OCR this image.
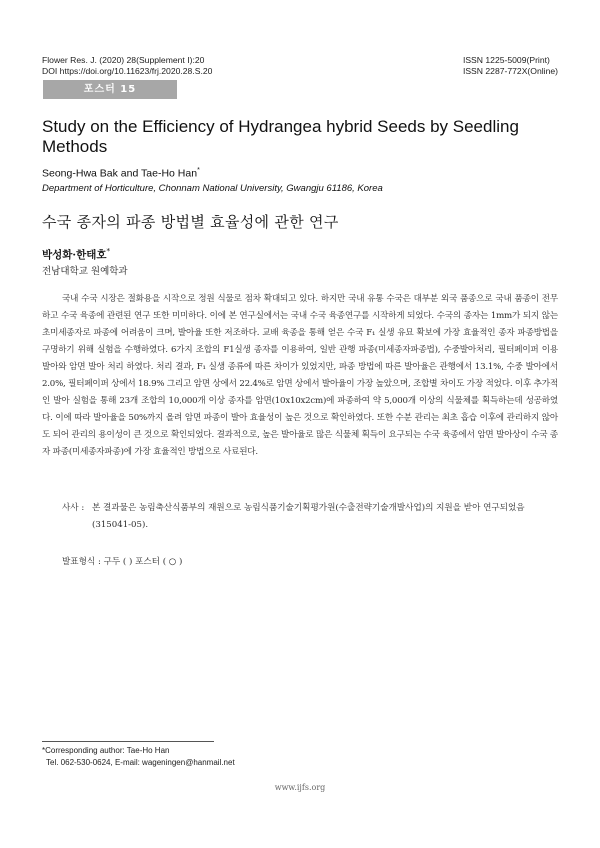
Flower Res. J. (2020) 28(Supplement I):20
DOI https://doi.org/10.11623/frj.2020.28.S.20
ISSN 1225-5009(Print)
ISSN 2287-772X(Online)
포스터 15
Study on the Efficiency of Hydrangea hybrid Seeds by Seedling Methods
Seong-Hwa Bak and Tae-Ho Han*
Department of Horticulture, Chonnam National University, Gwangju 61186, Korea
수국 종자의 파종 방법별 효율성에 관한 연구
박성화·한태호*
전남대학교 원예학과

국내 수국 시장은 절화용을 시작으로 정원 식물로 점차 확대되고 있다. 하지만 국내 유통 수국은 대부분 외국 품종으로 국내 품종이 전무하고 수국 육종에 관련된 연구 또한 미미하다. 이에 본 연구실에서는 국내 수국 육종연구를 시작하게 되었다. 수국의 종자는 1mm가 되지 않는 초미세종자로 파종에 어려움이 크며, 발아율 또한 저조하다. 교배 육종을 통해 얻은 수국 F₁ 실생 유묘 확보에 가장 효율적인 종자 파종방법을 구명하기 위해 실험을 수행하였다. 6가지 조합의 F1실생 종자를 이용하여, 일반 관행 파종(미세종자파종법), 수중발아처리, 필터페이퍼 이용 발아와 암면 발아 처리 하였다. 처리 결과, F₁ 실생 종류에 따른 차이가 있었지만, 파종 방법에 따른 발아율은 관행에서 13.1%, 수중 발아에서 2.0%, 필터페이퍼 상에서 18.9% 그리고 암면 상에서 22.4%로 암면 상에서 발아율이 가장 높았으며, 조합별 차이도 가장 적었다. 이후 추가적인 발아 실험을 통해 23개 조합의 10,000개 이상 종자를 암면(10x10x2cm)에 파종하여 약 5,000개 이상의 식물체를 획득하는데 성공하였다. 이에 따라 발아율을 50%까지 올려 암면 파종이 발아 효율성이 높은 것으로 확인하였다. 또한 수분 관리는 최초 흡습 이후에 관리하지 않아도 되어 관리의 용이성이 큰 것으로 확인되었다. 결과적으로, 높은 발아율로 많은 식물체 획득이 요구되는 수국 육종에서 암면 발아상이 수국 종자 파종(미세종자파종)에 가장 효율적인 방법으로 사료된다.

사사 : 본 결과물은 농림축산식품부의 재원으로 농림식품기술기획평가원(수출전략기술개발사업)의 지원을 받아 연구되었음
(315041-05).
발표형식 : 구두 ( ) 포스터 ( ○ )
*Corresponding author: Tae-Ho Han
Tel. 062-530-0624, E-mail: wageningen@hanmail.net
www.ijfs.org
